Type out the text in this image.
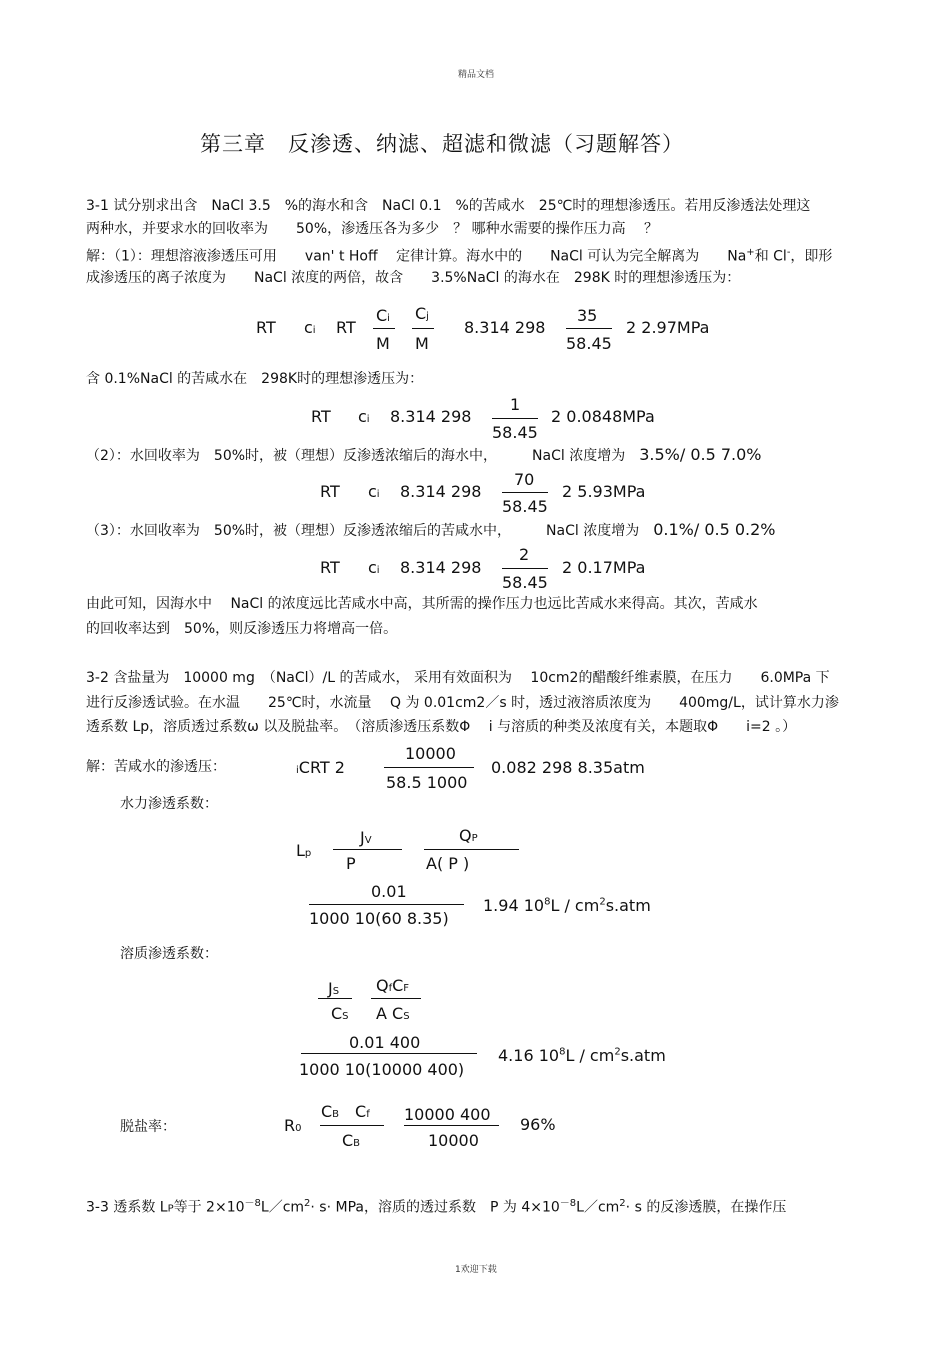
精品文档
第三章　反渗透、纳滤、超滤和微滤（习题解答）
3-1 试分别求出含　NaCl 3.5　%的海水和含　NaCl 0.1　%的苦咸水　25℃时的理想渗透压。若用反渗透法处理这
两种水，并要求水的回收率为　　50%，渗透压各为多少　？ 哪种水需要的操作压力高　 ？
解：（1）：理想溶液渗透压可用　　van' t Hoff　 定律计算。海水中的　　NaCl 可认为完全解离为　　Na+和 Cl-，即形
成渗透压的离子浓度为　　NaCl 浓度的两倍，故含　　3.5%NaCl 的海水在　298K 时的理想渗透压为：
RT ci RT
Ci
M
Cj
M
8.314 298
35
58.45
2 2.97MPa
含 0.1%NaCl 的苦咸水在　298K时的理想渗透压为：
RT ci 8.314 298
1
58.45
2 0.0848MPa
（2）：水回收率为　50%时，被（理想）反渗透浓缩后的海水中，　　　NaCl 浓度增为 3.5%/ 0.5 7.0%
RT ci 8.314 298
70
58.45
2 5.93MPa
（3）：水回收率为　50%时，被（理想）反渗透浓缩后的苦咸水中，　　　NaCl 浓度增为 0.1%/ 0.5 0.2%
RT ci 8.314 298
2
58.45
2 0.17MPa
由此可知，因海水中　 NaCl 的浓度远比苦咸水中高，其所需的操作压力也远比苦咸水来得高。其次，苦咸水
的回收率达到　50%，则反渗透压力将增高一倍。
3-2 含盐量为　10000 mg　（NaCl）/L 的苦咸水， 采用有效面积为　 10cm2的醋酸纤维素膜，在压力　　6.0MPa 下
进行反渗透试验。在水温　　25℃时，水流量　 Q 为 0.01cm2／s 时，透过液溶质浓度为　　400mg/L，试计算水力渗
透系数 Lp，溶质透过系数ω 以及脱盐率。　（溶质渗透压系数Φ　 i 与溶质的种类及浓度有关，本题取Φ　　i=2 。）
解：苦咸水的渗透压：	iCRT 2
10000
58.5 1000
0.082 298 8.35atm
水力渗透系数：
Lp
JV
P
QP
A( P )
0.01
1000 10(60 8.35)
1.94 $10^8L / cm^2s.atm$
溶质渗透系数：
JS
CS
QfCF
A CS
0.01 400
1000 10(10000 400)
4.16 $10^8L / cm^2s.atm$
脱盐率：	R0
CB Cf
CB
10000 400
10000
96%
3-3 透系数 LP等于 $2\times 10^{-8}L/cm^2\cdot s\cdot$ MPa，溶质的透过系数　P 为 $4\times 10^{-8}L/cm^2\cdot s$ 的反渗透膜，在操作压
1欢迎下载
